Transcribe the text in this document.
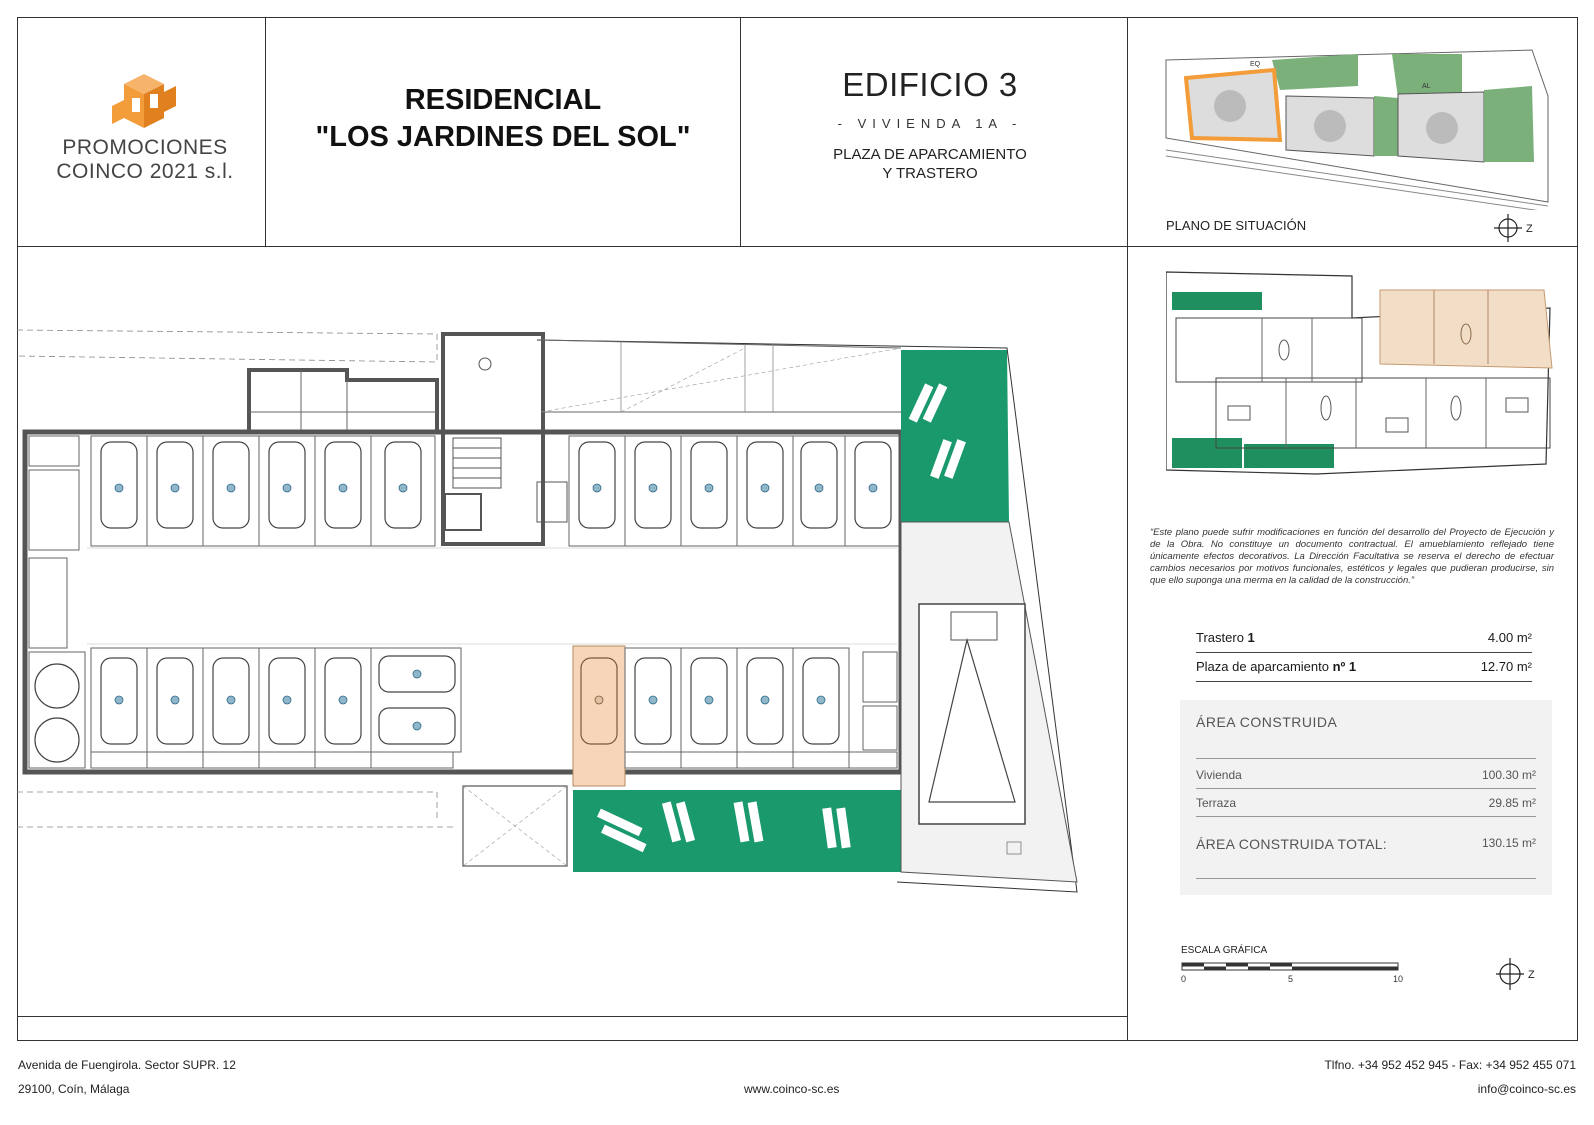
PROMOCIONES
COINCO 2021 s.l.
RESIDENCIAL
"LOS JARDINES DEL SOL"
EDIFICIO 3
- VIVIENDA 1A -
PLAZA DE APARCAMIENTO
Y TRASTERO
EQ
AL
PLANO DE SITUACIÓN	Z
“Este plano puede sufrir modificaciones en función del desarrollo del Proyecto de Ejecución y de la Obra. No constituye un documento contractual. El amueblamiento reflejado tiene únicamente efectos decorativos. La Dirección Facultativa se reserva el derecho de efectuar cambios necesarios por motivos funcionales, estéticos y legales que pudieran producirse, sin que ello suponga una merma en la calidad de la construcción.”
Trastero 1	4.00 m²
Plaza de aparcamiento nº 1	12.70 m²
ÁREA CONSTRUIDA
Vivienda	100.30 m²
Terraza	29.85 m²
ÁREA CONSTRUIDA TOTAL:	130.15 m²
ESCALA GRÁFICA
0	5	10	Z
Avenida de Fuengirola. Sector SUPR. 12
29100, Coín, Málaga	www.coinco-sc.es
Tlfno. +34 952 452 945 - Fax: +34 952 455 071
info@coinco-sc.es
